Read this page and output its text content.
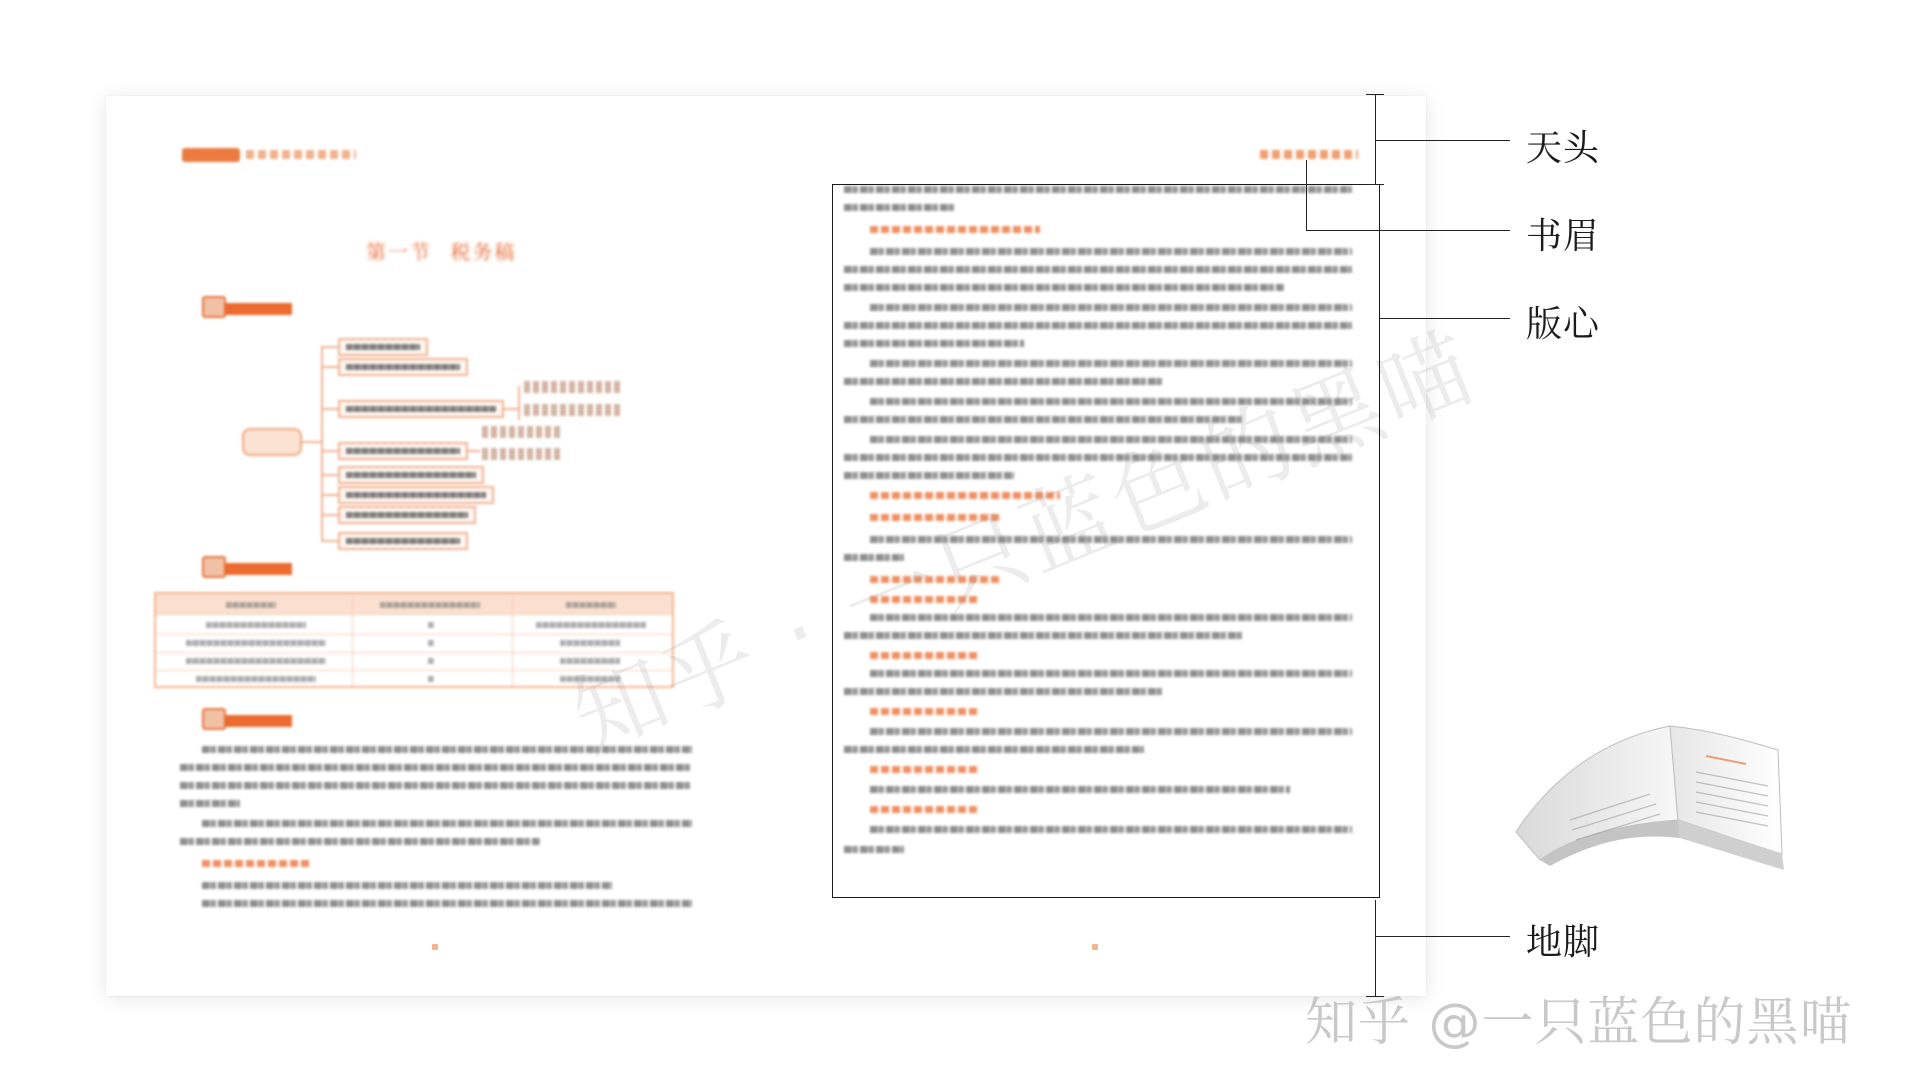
第一节 税务稿
天头
书眉
版心
地脚
知乎 @一只蓝色的黑喵
